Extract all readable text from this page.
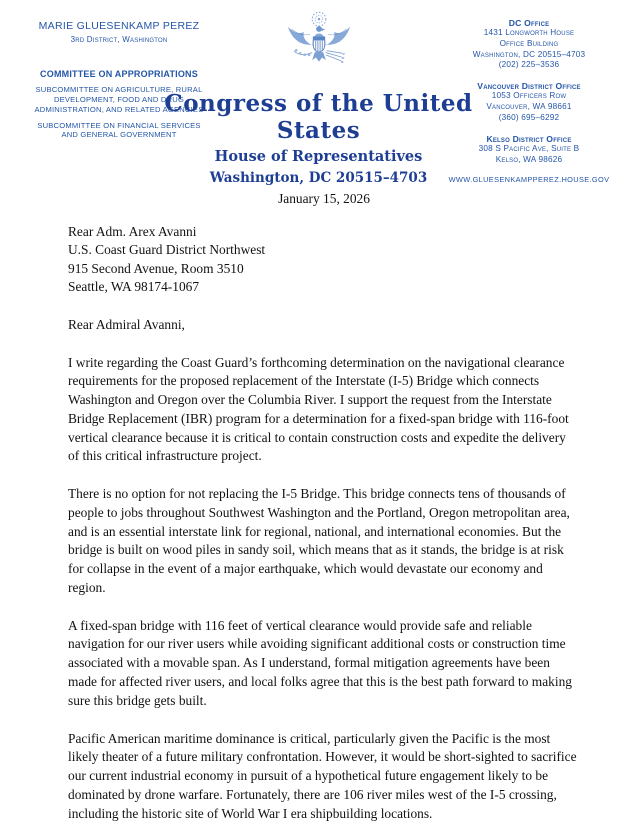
MARIE GLUESENKAMP PEREZ
3rd District, Washington
COMMITTEE ON APPROPRIATIONS
SUBCOMMITTEE ON AGRICULTURE, RURAL DEVELOPMENT, FOOD AND DRUG ADMINISTRATION, AND RELATED AGENCIES
SUBCOMMITTEE ON FINANCIAL SERVICES AND GENERAL GOVERNMENT
Congress of the United States
House of Representatives
Washington, DC 20515–4703
DC Office
1431 Longworth House
Office Building
Washington, DC 20515–4703
(202) 225–3536
Vancouver District Office
1053 Officers Row
Vancouver, WA 98661
(360) 695–6292
Kelso District Office
308 S Pacific Ave, Suite B
Kelso, WA 98626
WWW.GLUESENKAMPPEREZ.HOUSE.GOV
January 15, 2026
Rear Adm. Arex Avanni
U.S. Coast Guard District Northwest
915 Second Avenue, Room 3510
Seattle, WA 98174-1067
Rear Admiral Avanni,

I write regarding the Coast Guard’s forthcoming determination on the navigational clearance requirements for the proposed replacement of the Interstate (I-5) Bridge which connects Washington and Oregon over the Columbia River. I support the request from the Interstate Bridge Replacement (IBR) program for a determination for a fixed-span bridge with 116-foot vertical clearance because it is critical to contain construction costs and expedite the delivery of this critical infrastructure project.

There is no option for not replacing the I-5 Bridge. This bridge connects tens of thousands of people to jobs throughout Southwest Washington and the Portland, Oregon metropolitan area, and is an essential interstate link for regional, national, and international economies. But the bridge is built on wood piles in sandy soil, which means that as it stands, the bridge is at risk for collapse in the event of a major earthquake, which would devastate our economy and region.

A fixed-span bridge with 116 feet of vertical clearance would provide safe and reliable navigation for our river users while avoiding significant additional costs or construction time associated with a movable span. As I understand, formal mitigation agreements have been made for affected river users, and local folks agree that this is the best path forward to making sure this bridge gets built.

Pacific American maritime dominance is critical, particularly given the Pacific is the most likely theater of a future military confrontation. However, it would be short-sighted to sacrifice our current industrial economy in pursuit of a hypothetical future engagement likely to be dominated by drone warfare. Fortunately, there are 106 river miles west of the I-5 crossing, including the historic site of World War I era shipbuilding locations.
